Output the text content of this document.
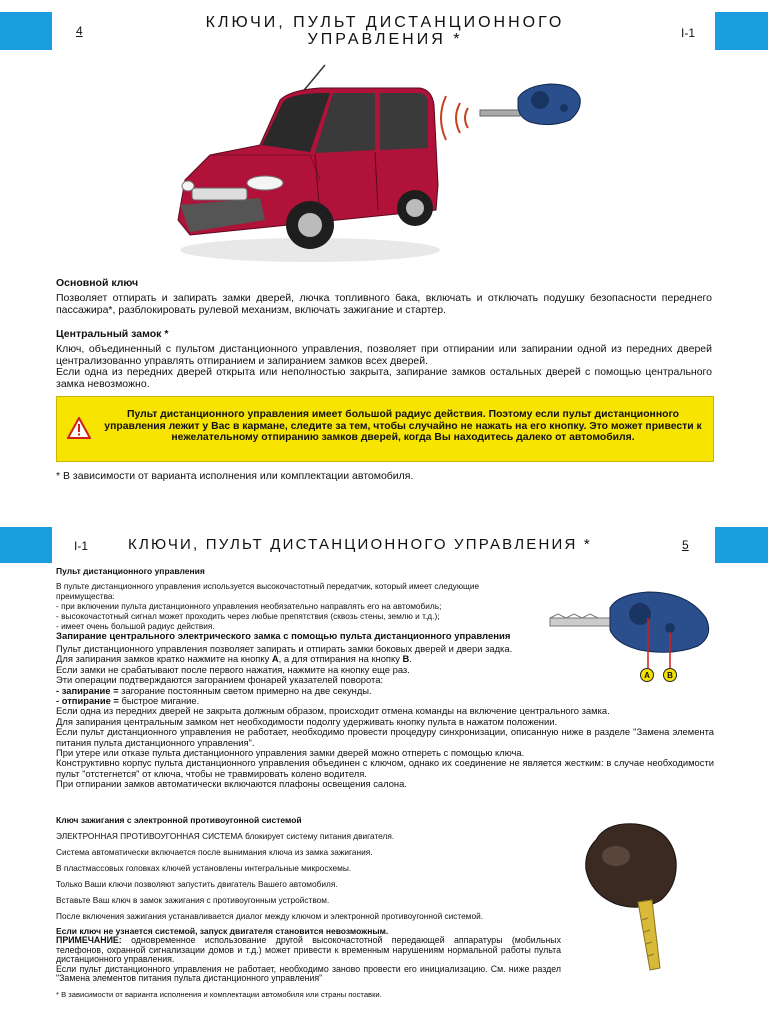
4	КЛЮЧИ, ПУЛЬТ ДИСТАНЦИОННОГО

УПРАВЛЕНИЯ *	I-1

Основной ключ

Позволяет отпирать и запирать замки дверей, лючка топливного бака, включать и отключать подушку безопасности переднего пассажира*, разблокировать рулевой механизм, включать зажигание и стартер.

Центральный замок *

Ключ, объединенный с пультом дистанционного управления, позволяет при отпирании или запирании одной из передних дверей централизованно управлять отпиранием и запиранием замков всех дверей.

Если одна из передних дверей открыта или неполностью закрыта, запирание замков остальных дверей с помощью центрального замка невозможно.

Пульт дистанционного управления имеет большой радиус действия. Поэтому если пульт дистанционного управления лежит у Вас в кармане, следите за тем, чтобы случайно не нажать на его кнопку. Это может привести к нежелательному отпиранию замков дверей, когда Вы находитесь далеко от автомобиля.

* В зависимости от варианта исполнения или комплектации автомобиля.
I-1	КЛЮЧИ, ПУЛЬТ ДИСТАНЦИОННОГО УПРАВЛЕНИЯ *	5

Пульт дистанционного управления

В пульте дистанционного управления используется высокочастотный передатчик, который имеет следующие преимущества:

- при включении пульта дистанционного управления необязательно направлять его на автомобиль;

- высокочастотный сигнал может проходить через любые препятствия (сквозь стены, землю и т.д.);

- имеет очень большой радиус действия.

A	B

Запирание центрального электрического замка с помощью пульта дистанционного управления

Пульт дистанционного управления позволяет запирать и отпирать замки боковых дверей и двери задка.

Для запирания замков кратко нажмите на кнопку A, а для отпирания на кнопку B.

Если замки не срабатывают после первого нажатия, нажмите на кнопку еще раз.

Эти операции подтверждаются загоранием фонарей указателей поворота:

- запирание = загорание постоянным светом примерно на две секунды.

- отпирание = быстрое мигание.

Если одна из передних дверей не закрыта должным образом, происходит отмена команды на включение центрального замка.

Для запирания центральным замком нет необходимости подолгу удерживать кнопку пульта в нажатом положении.

Если пульт дистанционного управления не работает, необходимо провести процедуру синхронизации, описанную ниже в разделе "Замена элемента питания пульта дистанционного управления".

При утере или отказе пульта дистанционного управления замки дверей можно отпереть с помощью ключа.

Конструктивно корпус пульта дистанционного управления объединен с ключом, однако их соединение не является жестким: в случае необходимости пульт "отстегнется" от ключа, чтобы не травмировать колено водителя.

При отпирании замков автоматически включаются плафоны освещения салона.

Ключ зажигания с электронной противоугонной системой

ЭЛЕКТРОННАЯ ПРОТИВОУГОННАЯ СИСТЕМА блокирует систему питания двигателя.

Система автоматически включается после вынимания ключа из замка зажигания.

В пластмассовых головках ключей установлены интегральные микросхемы.

Только Ваши ключи позволяют запустить двигатель Вашего автомобиля.

Вставьте Ваш ключ в замок зажигания с противоугонным устройством.

После включения зажигания устанавливается диалог между ключом и электронной противоугонной системой.

Если ключ не узнается системой, запуск двигателя становится невозможным.

ПРИМЕЧАНИЕ: одновременное использование другой высокочастотной передающей аппаратуры (мобильных телефонов, охранной сигнализации домов и т.д.) может привести к временным нарушениям нормальной работы пульта дистанционного управления.

Если пульт дистанционного управления не работает, необходимо заново провести его инициализацию. См. ниже раздел "Замена элементов питания пульта дистанционного управления"

* В зависимости от варианта исполнения и комплектации автомобиля или страны поставки.
